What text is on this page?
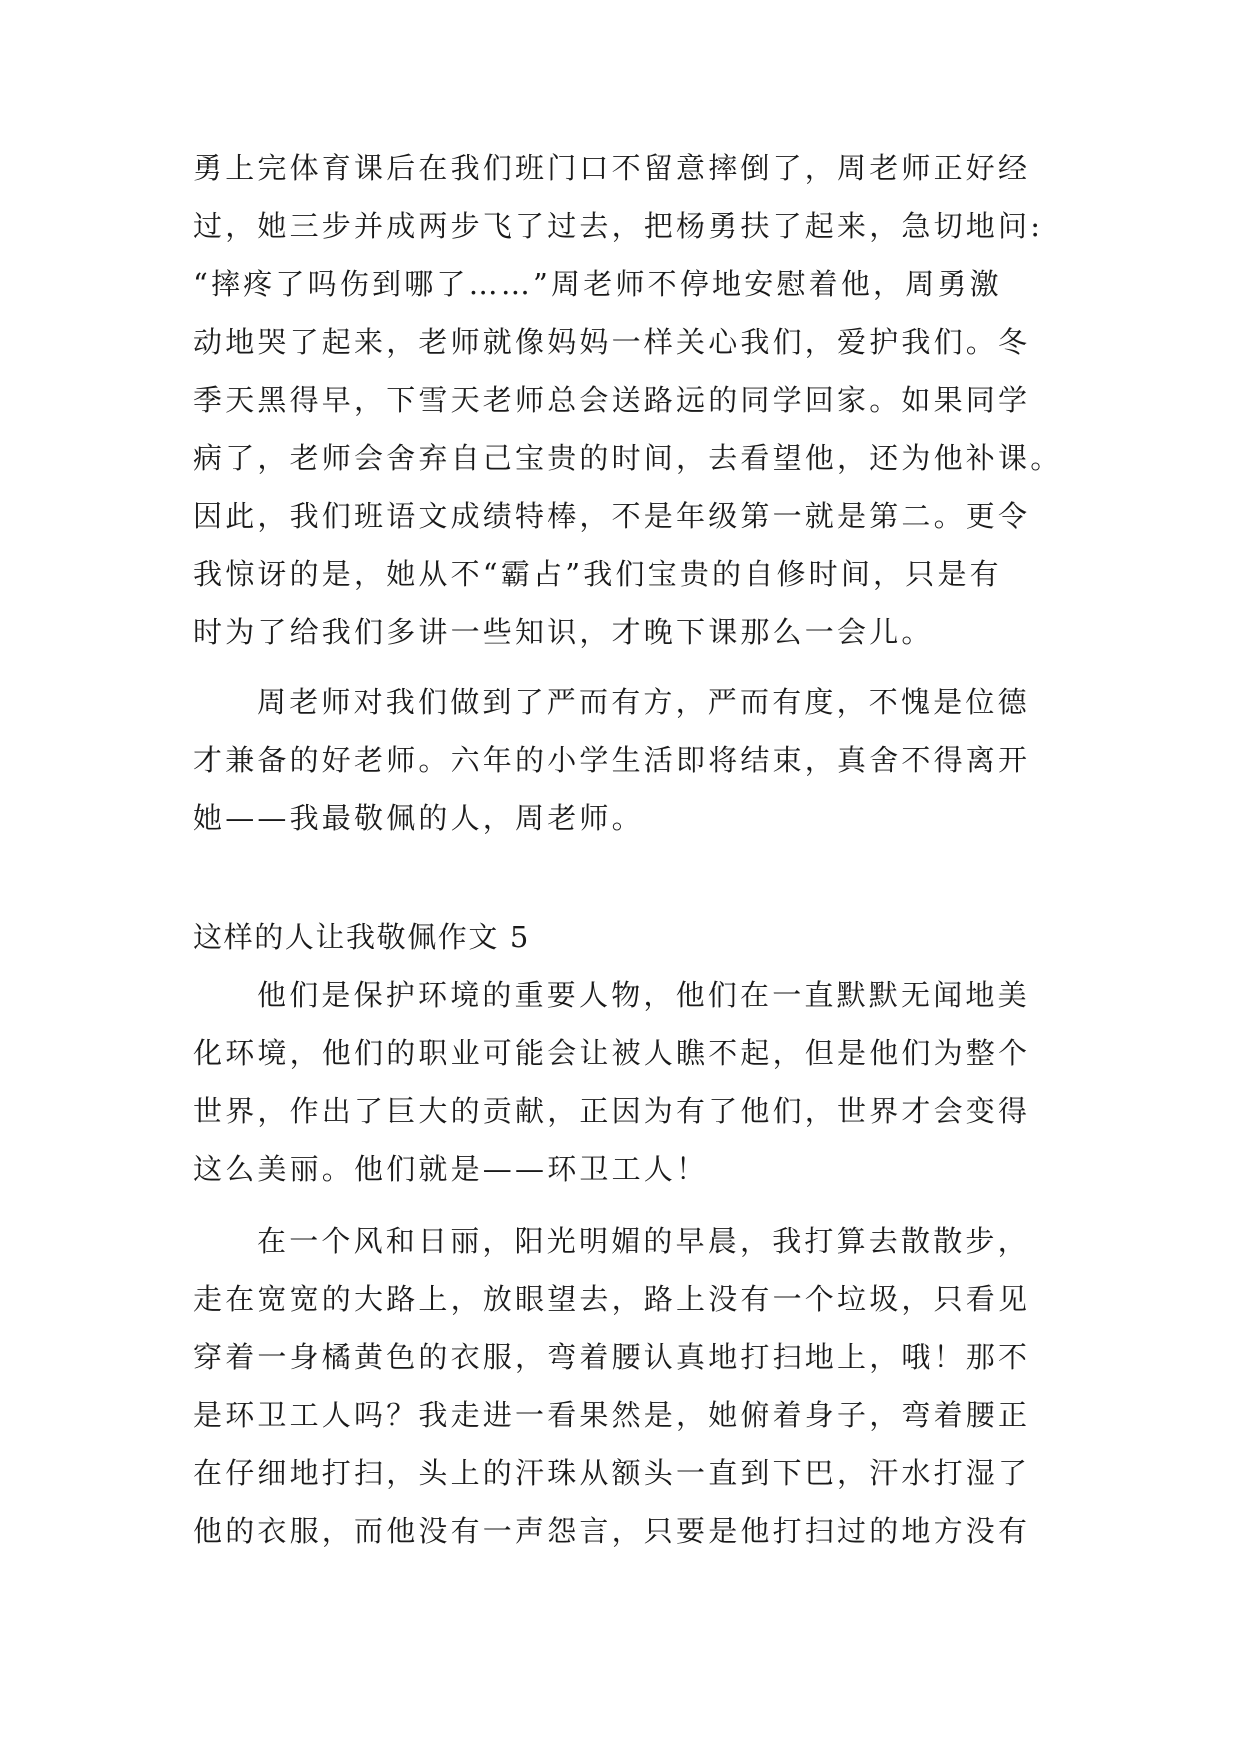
勇上完体育课后在我们班门口不留意摔倒了，周老师正好经
过，她三步并成两步飞了过去，把杨勇扶了起来，急切地问:
“摔疼了吗伤到哪了……”周老师不停地安慰着他，周勇激
动地哭了起来，老师就像妈妈一样关心我们，爱护我们。冬
季天黑得早，下雪天老师总会送路远的同学回家。如果同学
病了，老师会舍弃自己宝贵的时间，去看望他，还为他补课。
因此，我们班语文成绩特棒，不是年级第一就是第二。更令
我惊讶的是，她从不“霸占”我们宝贵的自修时间，只是有
时为了给我们多讲一些知识，才晚下课那么一会儿。
周老师对我们做到了严而有方，严而有度，不愧是位德
才兼备的好老师。六年的小学生活即将结束，真舍不得离开
她——我最敬佩的人，周老师。
这样的人让我敬佩作文 5
他们是保护环境的重要人物，他们在一直默默无闻地美
化环境，他们的职业可能会让被人瞧不起，但是他们为整个
世界，作出了巨大的贡献，正因为有了他们，世界才会变得
这么美丽。他们就是——环卫工人！
在一个风和日丽，阳光明媚的早晨，我打算去散散步，
走在宽宽的大路上，放眼望去，路上没有一个垃圾，只看见
穿着一身橘黄色的衣服，弯着腰认真地打扫地上，哦！那不
是环卫工人吗？我走进一看果然是，她俯着身子，弯着腰正
在仔细地打扫，头上的汗珠从额头一直到下巴，汗水打湿了
他的衣服，而他没有一声怨言，只要是他打扫过的地方没有
